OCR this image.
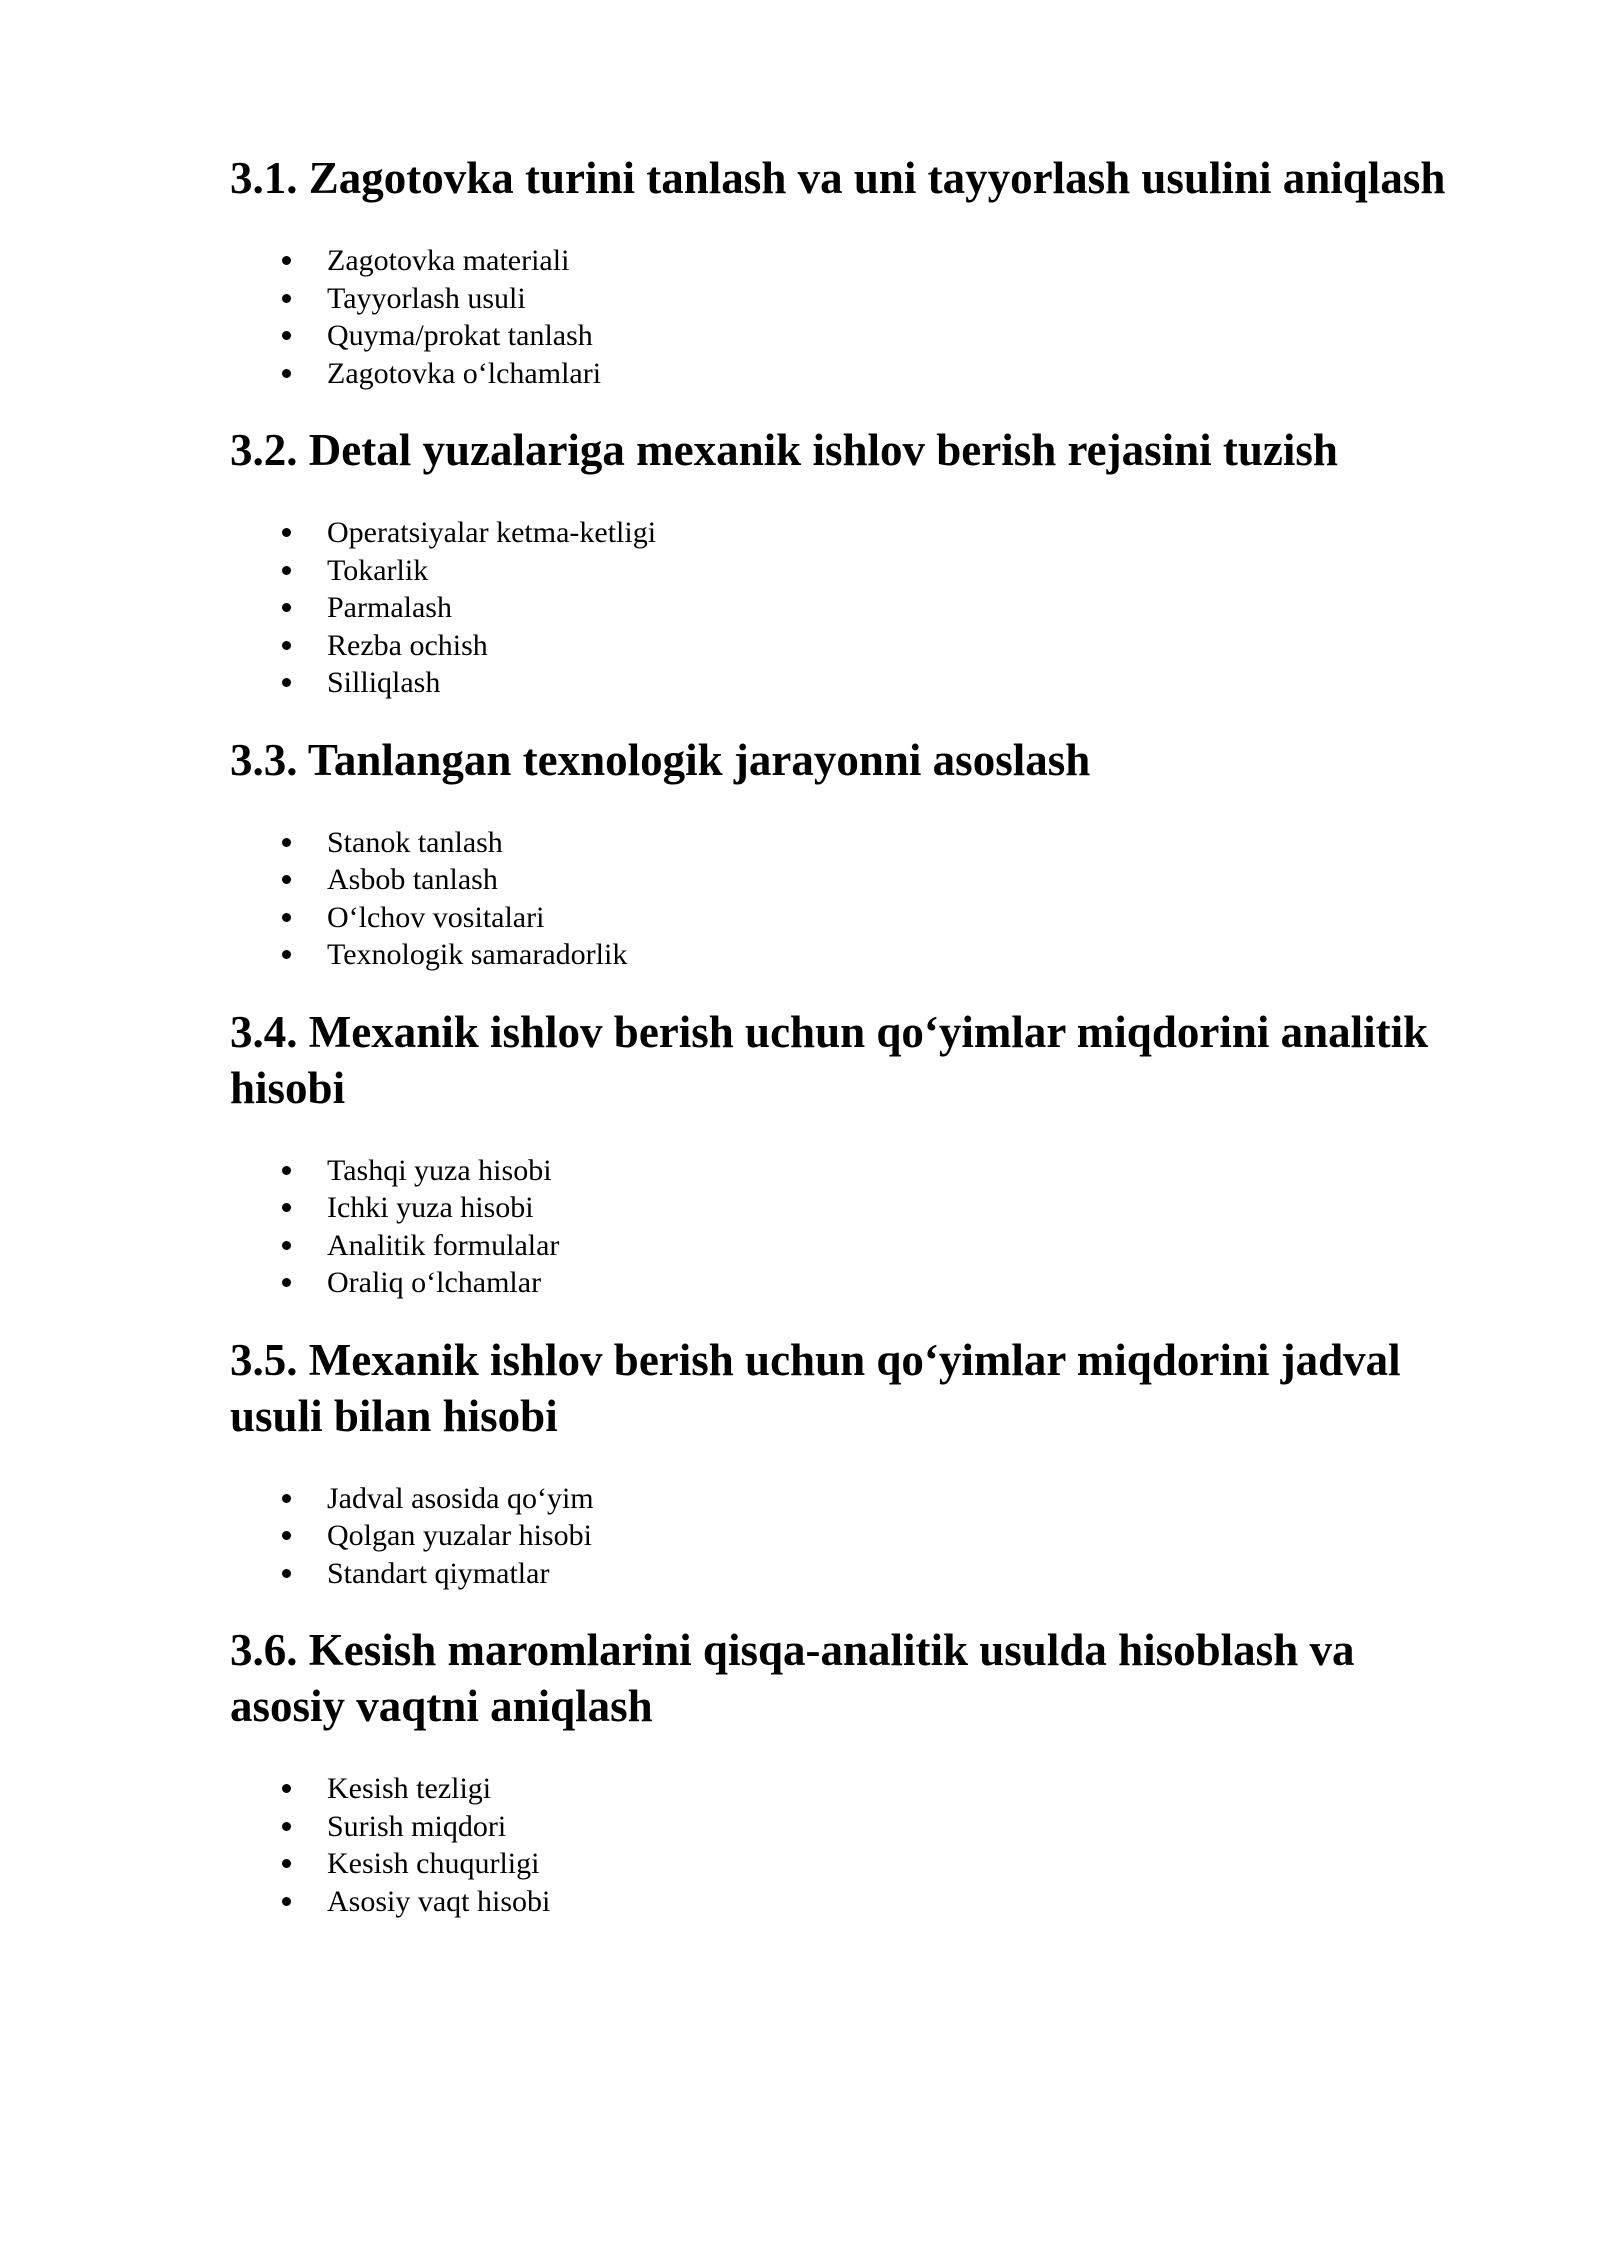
3.1. Zagotovka turini tanlash va uni tayyorlash usulini aniqlash
Zagotovka materiali
Tayyorlash usuli
Quyma/prokat tanlash
Zagotovka o‘lchamlari
3.2. Detal yuzalariga mexanik ishlov berish rejasini tuzish
Operatsiyalar ketma-ketligi
Tokarlik
Parmalash
Rezba ochish
Silliqlash
3.3. Tanlangan texnologik jarayonni asoslash
Stanok tanlash
Asbob tanlash
O‘lchov vositalari
Texnologik samaradorlik
3.4. Mexanik ishlov berish uchun qo‘yimlar miqdorini analitik hisobi
Tashqi yuza hisobi
Ichki yuza hisobi
Analitik formulalar
Oraliq o‘lchamlar
3.5. Mexanik ishlov berish uchun qo‘yimlar miqdorini jadval usuli bilan hisobi
Jadval asosida qo‘yim
Qolgan yuzalar hisobi
Standart qiymatlar
3.6. Kesish maromlarini qisqa-analitik usulda hisoblash va asosiy vaqtni aniqlash
Kesish tezligi
Surish miqdori
Kesish chuqurligi
Asosiy vaqt hisobi
